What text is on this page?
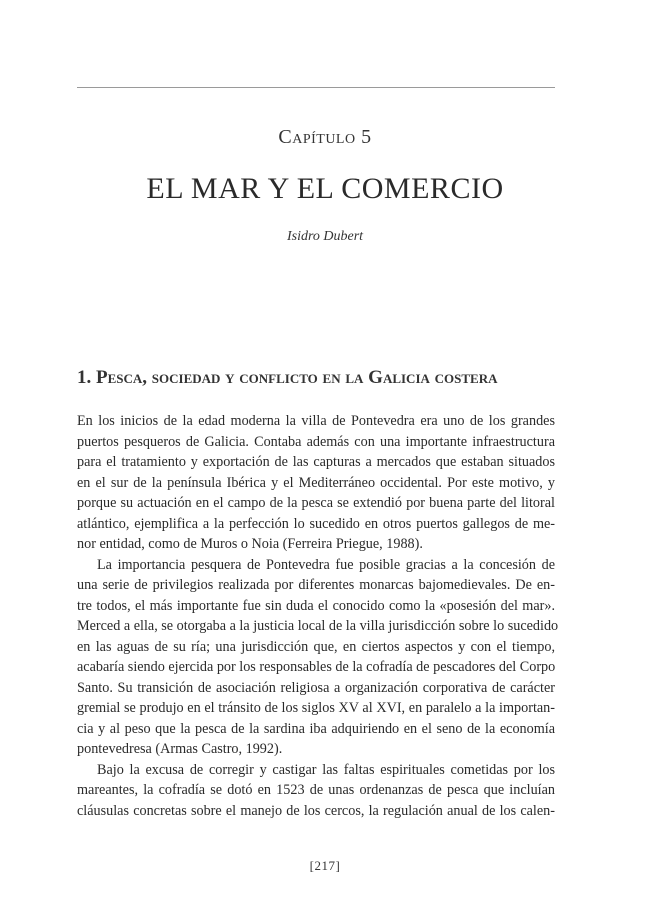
Capítulo 5
EL MAR Y EL COMERCIO
Isidro Dubert
1. Pesca, sociedad y conflicto en la Galicia costera
En los inicios de la edad moderna la villa de Pontevedra era uno de los grandes
puertos pesqueros de Galicia. Contaba además con una importante infraestructura
para el tratamiento y exportación de las capturas a mercados que estaban situados
en el sur de la península Ibérica y el Mediterráneo occidental. Por este motivo, y
porque su actuación en el campo de la pesca se extendió por buena parte del litoral
atlántico, ejemplifica a la perfección lo sucedido en otros puertos gallegos de me-
nor entidad, como de Muros o Noia (Ferreira Priegue, 1988).
La importancia pesquera de Pontevedra fue posible gracias a la concesión de
una serie de privilegios realizada por diferentes monarcas bajomedievales. De en-
tre todos, el más importante fue sin duda el conocido como la «posesión del mar».
Merced a ella, se otorgaba a la justicia local de la villa jurisdicción sobre lo sucedido
en las aguas de su ría; una jurisdicción que, en ciertos aspectos y con el tiempo,
acabaría siendo ejercida por los responsables de la cofradía de pescadores del Corpo
Santo. Su transición de asociación religiosa a organización corporativa de carácter
gremial se produjo en el tránsito de los siglos XV al XVI, en paralelo a la importan-
cia y al peso que la pesca de la sardina iba adquiriendo en el seno de la economía
pontevedresa (Armas Castro, 1992).
Bajo la excusa de corregir y castigar las faltas espirituales cometidas por los
mareantes, la cofradía se dotó en 1523 de unas ordenanzas de pesca que incluían
cláusulas concretas sobre el manejo de los cercos, la regulación anual de los calen-
[217]
